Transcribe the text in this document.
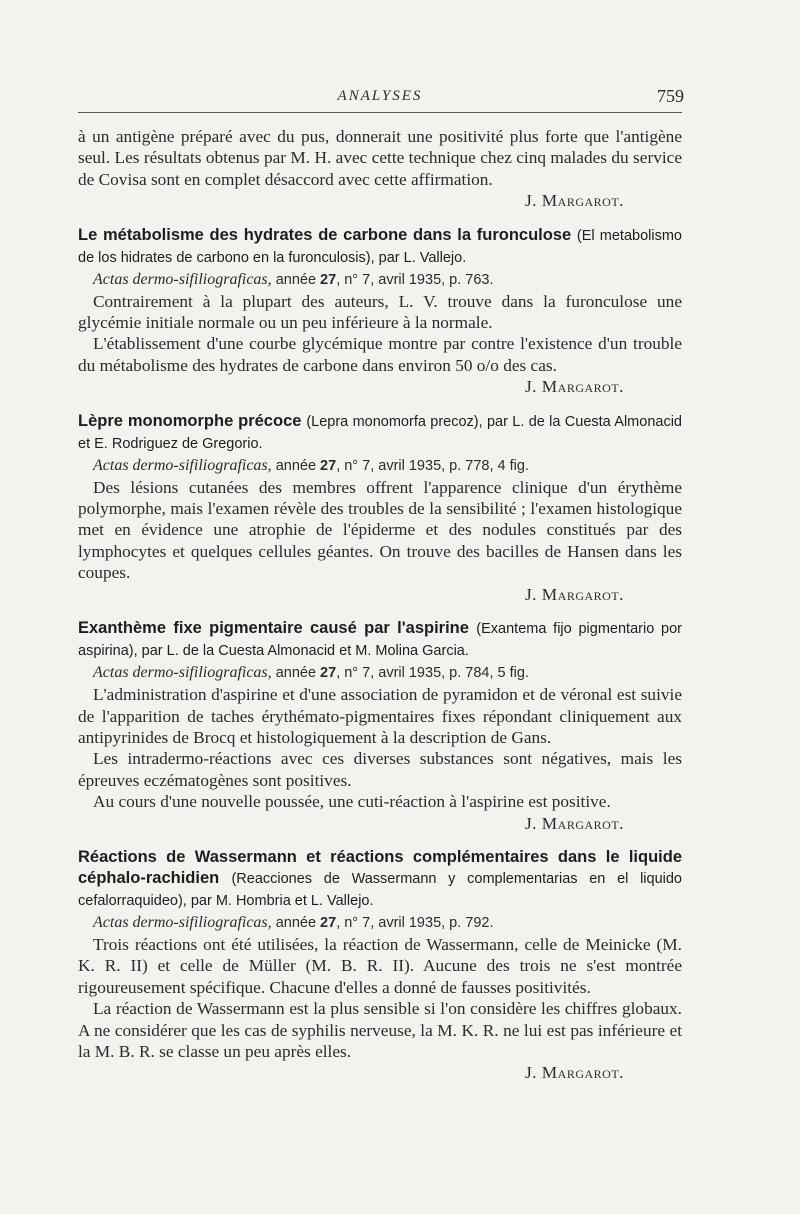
ANALYSES	759

à un antigène préparé avec du pus, donnerait une positivité plus forte que l'antigène seul. Les résultats obtenus par M. H. avec cette technique chez cinq malades du service de Covisa sont en complet désaccord avec cette affirmation.

J. Margarot.

Le métabolisme des hydrates de carbone dans la furonculose (El metabolismo de los hidrates de carbono en la furonculosis), par L. Vallejo.

Actas dermo-sifiliograficas, année 27, n° 7, avril 1935, p. 763.

Contrairement à la plupart des auteurs, L. V. trouve dans la furonculose une glycémie initiale normale ou un peu inférieure à la normale.

L'établissement d'une courbe glycémique montre par contre l'existence d'un trouble du métabolisme des hydrates de carbone dans environ 50 o/o des cas.

J. Margarot.

Lèpre monomorphe précoce (Lepra monomorfa precoz), par L. de la Cuesta Almonacid et E. Rodriguez de Gregorio.

Actas dermo-sifiliograficas, année 27, n° 7, avril 1935, p. 778, 4 fig.

Des lésions cutanées des membres offrent l'apparence clinique d'un érythème polymorphe, mais l'examen révèle des troubles de la sensibilité ; l'examen histologique met en évidence une atrophie de l'épiderme et des nodules constitués par des lymphocytes et quelques cellules géantes. On trouve des bacilles de Hansen dans les coupes.

J. Margarot.

Exanthème fixe pigmentaire causé par l'aspirine (Exantema fijo pigmentario por aspirina), par L. de la Cuesta Almonacid et M. Molina Garcia.

Actas dermo-sifiliograficas, année 27, n° 7, avril 1935, p. 784, 5 fig.

L'administration d'aspirine et d'une association de pyramidon et de véronal est suivie de l'apparition de taches érythémato-pigmentaires fixes répondant cliniquement aux antipyrinides de Brocq et histologiquement à la description de Gans.

Les intradermo-réactions avec ces diverses substances sont négatives, mais les épreuves eczématogènes sont positives.

Au cours d'une nouvelle poussée, une cuti-réaction à l'aspirine est positive.

J. Margarot.

Réactions de Wassermann et réactions complémentaires dans le liquide céphalo-rachidien (Reacciones de Wassermann y complementarias en el liquido cefalorraquideo), par M. Hombria et L. Vallejo.

Actas dermo-sifiliograficas, année 27, n° 7, avril 1935, p. 792.

Trois réactions ont été utilisées, la réaction de Wassermann, celle de Meinicke (M. K. R. II) et celle de Müller (M. B. R. II). Aucune des trois ne s'est montrée rigoureusement spécifique. Chacune d'elles a donné de fausses positivités.

La réaction de Wassermann est la plus sensible si l'on considère les chiffres globaux. A ne considérer que les cas de syphilis nerveuse, la M. K. R. ne lui est pas inférieure et la M. B. R. se classe un peu après elles.

J. Margarot.
